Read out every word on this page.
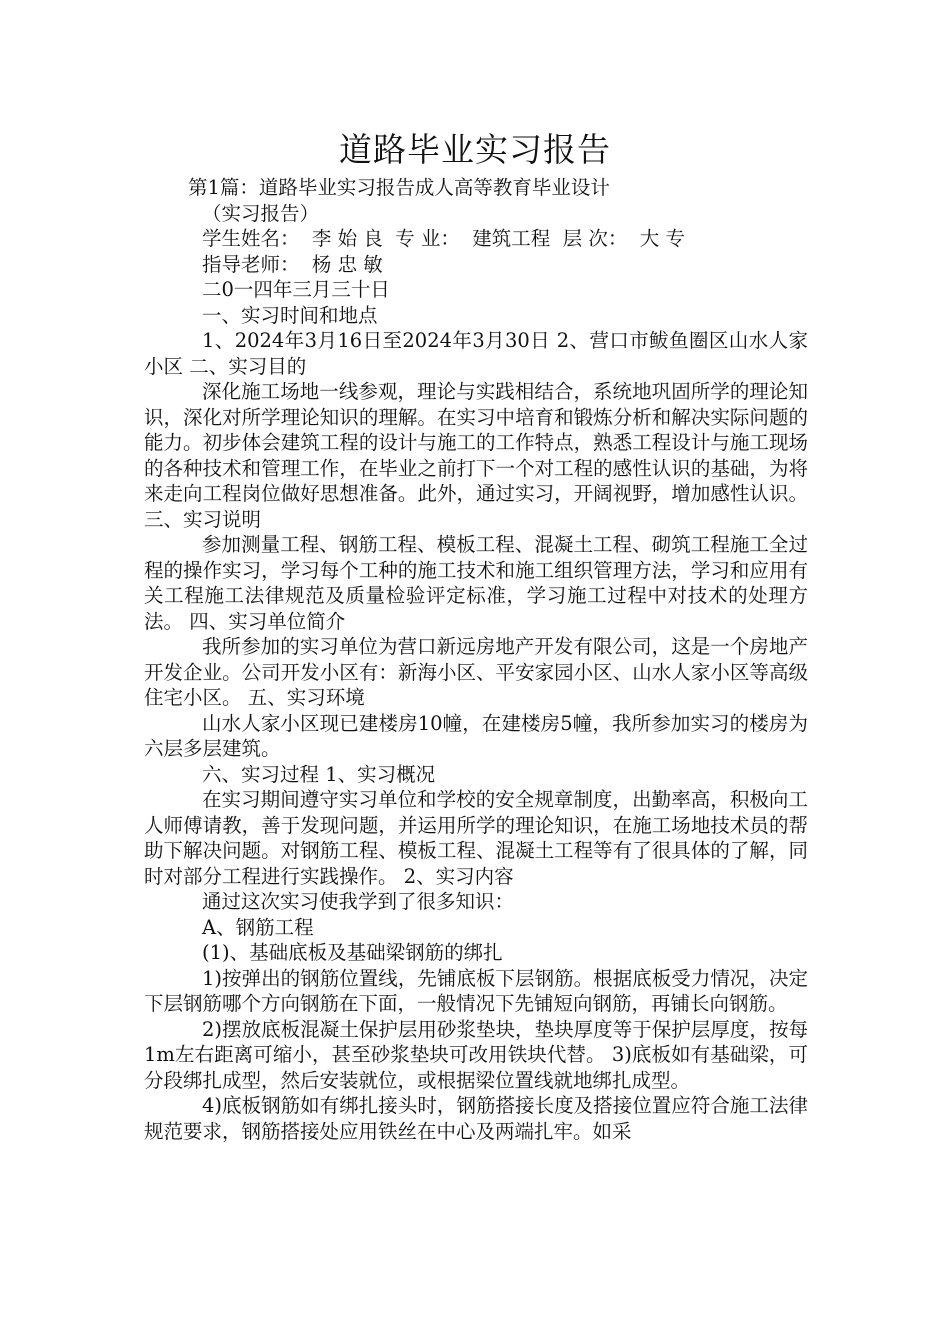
道路毕业实习报告

第1篇：道路毕业实习报告成人高等教育毕业设计

（实习报告）

学生姓名：  李 始 良  专 业：  建筑工程  层 次：  大 专

指导老师：  杨 忠 敏

二0一四年三月三十日

一、实习时间和地点

1、2024年3月16日至2024年3月30日 2、营口市鲅鱼圈区山水人家小区 二、实习目的

深化施工场地一线参观，理论与实践相结合，系统地巩固所学的理论知识，深化对所学理论知识的理解。在实习中培育和锻炼分析和解决实际问题的能力。初步体会建筑工程的设计与施工的工作特点，熟悉工程设计与施工现场的各种技术和管理工作，在毕业之前打下一个对工程的感性认识的基础，为将来走向工程岗位做好思想准备。此外，通过实习，开阔视野，增加感性认识。 三、实习说明

参加测量工程、钢筋工程、模板工程、混凝土工程、砌筑工程施工全过程的操作实习，学习每个工种的施工技术和施工组织管理方法，学习和应用有关工程施工法律规范及质量检验评定标准，学习施工过程中对技术的处理方法。 四、实习单位简介

我所参加的实习单位为营口新远房地产开发有限公司，这是一个房地产开发企业。公司开发小区有：新海小区、平安家园小区、山水人家小区等高级住宅小区。 五、实习环境

山水人家小区现已建楼房10幢，在建楼房5幢，我所参加实习的楼房为六层多层建筑。

六、实习过程 1、实习概况

在实习期间遵守实习单位和学校的安全规章制度，出勤率高，积极向工人师傅请教，善于发现问题，并运用所学的理论知识，在施工场地技术员的帮助下解决问题。对钢筋工程、模板工程、混凝土工程等有了很具体的了解，同时对部分工程进行实践操作。 2、实习内容

通过这次实习使我学到了很多知识：

A、钢筋工程

(1)、基础底板及基础梁钢筋的绑扎

1)按弹出的钢筋位置线，先铺底板下层钢筋。根据底板受力情况，决定下层钢筋哪个方向钢筋在下面，一般情况下先铺短向钢筋，再铺长向钢筋。

2)摆放底板混凝土保护层用砂浆垫块，垫块厚度等于保护层厚度，按每1m左右距离可缩小，甚至砂浆垫块可改用铁块代替。 3)底板如有基础梁，可分段绑扎成型，然后安装就位，或根据梁位置线就地绑扎成型。

4)底板钢筋如有绑扎接头时，钢筋搭接长度及搭接位置应符合施工法律规范要求，钢筋搭接处应用铁丝在中心及两端扎牢。如采
